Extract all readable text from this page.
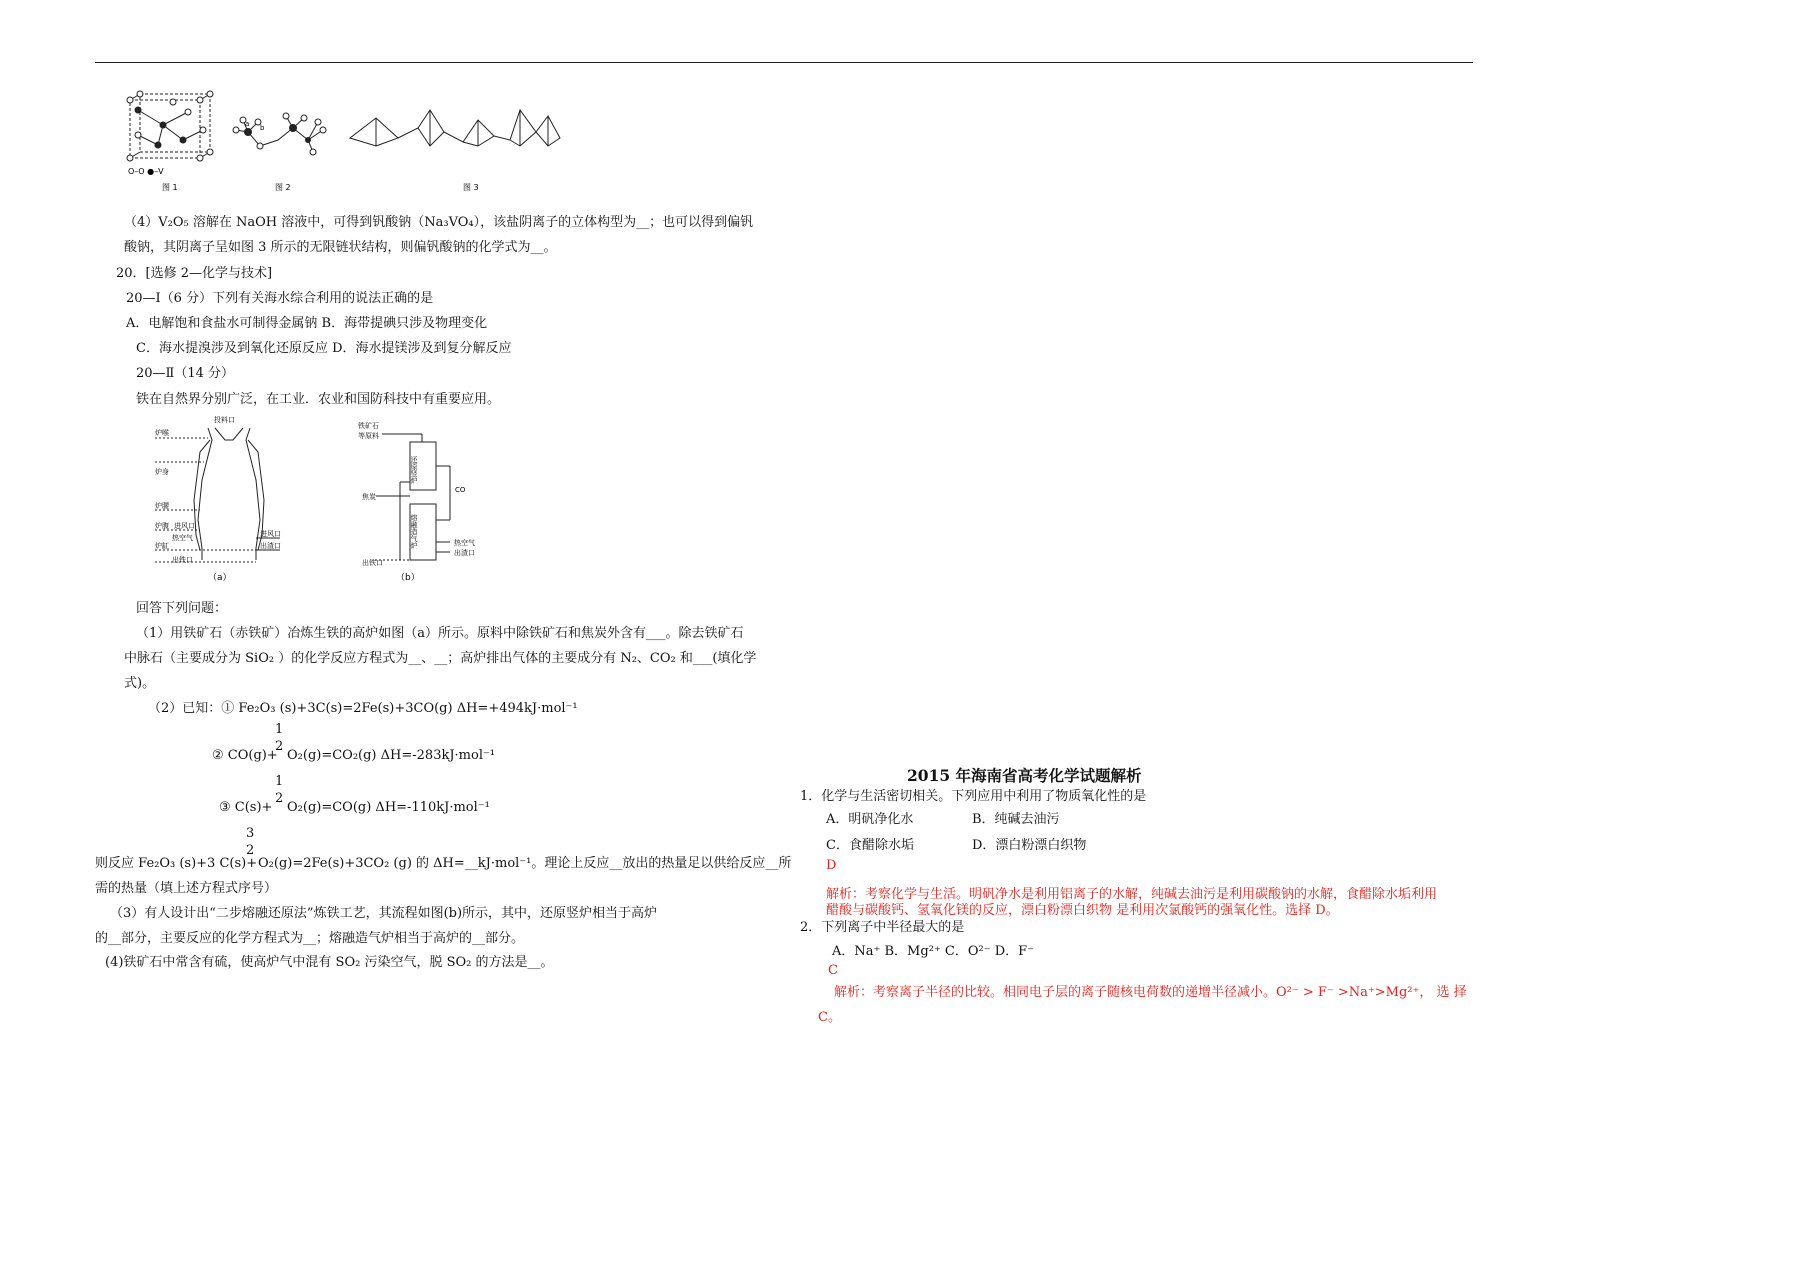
O–O ●–V
图 1
a b
图 2	图 3
（4）V₂O₅ 溶解在 NaOH 溶液中，可得到钒酸钠（Na₃VO₄），该盐阴离子的立体构型为__；也可以得到偏钒
酸钠，其阴离子呈如图 3 所示的无限链状结构，则偏钒酸钠的化学式为__。
20．[选修 2—化学与技术]
20—Ⅰ（6 分）下列有关海水综合利用的说法正确的是
A．电解饱和食盐水可制得金属钠 B．海带提碘只涉及物理变化
C．海水提溴涉及到氧化还原反应 D．海水提镁涉及到复分解反应
20—Ⅱ（14 分）
铁在自然界分别广泛，在工业．农业和国防科技中有重要应用。
投料口
炉喉
炉身
炉腰
炉腹 进风口
热空气
炉缸
出铁口
进风口
出渣口
（a）
铁矿石
等原料
焦炭
出铁口
还原竖炉
熔融造气炉
CO
热空气
出渣口
（b）
回答下列问题：
（1）用铁矿石（赤铁矿）冶炼生铁的高炉如图（a）所示。原料中除铁矿石和焦炭外含有___。除去铁矿石
中脉石（主要成分为 SiO₂ ）的化学反应方程式为__、__；高炉排出气体的主要成分有 N₂、CO₂ 和___(填化学
式)。
（2）已知：① Fe₂O₃ (s)+3C(s)=2Fe(s)+3CO(g) ΔH=+494kJ·mol⁻¹
1
2
② CO(g)+ O₂(g)=CO₂(g) ΔH=-283kJ·mol⁻¹
1
2
③ C(s)+ O₂(g)=CO(g) ΔH=-110kJ·mol⁻¹
3
2
则反应 Fe₂O₃ (s)+3 C(s)+ O₂(g)=2Fe(s)+3CO₂ (g) 的 ΔH=__kJ·mol⁻¹。理论上反应__放出的热量足以供给反应__所
需的热量（填上述方程式序号）
（3）有人设计出“二步熔融还原法”炼铁工艺，其流程如图(b)所示，其中，还原竖炉相当于高炉
的__部分，主要反应的化学方程式为__；熔融造气炉相当于高炉的__部分。
(4)铁矿石中常含有硫，使高炉气中混有 SO₂ 污染空气，脱 SO₂ 的方法是__。
2015 年海南省高考化学试题解析
1．化学与生活密切相关。下列应用中利用了物质氧化性的是
A．明矾净化水	B．纯碱去油污
C．食醋除水垢	D．漂白粉漂白织物
D
解析：考察化学与生活。明矾净水是利用铝离子的水解，纯碱去油污是利用碳酸钠的水解，食醋除水垢利用
醋酸与碳酸钙、氢氧化镁的反应，漂白粉漂白织物 是利用次氯酸钙的强氧化性。选择 D。
2．下列离子中半径最大的是
A．Na⁺ B．Mg²⁺ C．O²⁻ D．F⁻
C
解析：考察离子半径的比较。相同电子层的离子随核电荷数的递增半径减小。O²⁻ > F⁻ >Na⁺>Mg²⁺， 选 择
C。
